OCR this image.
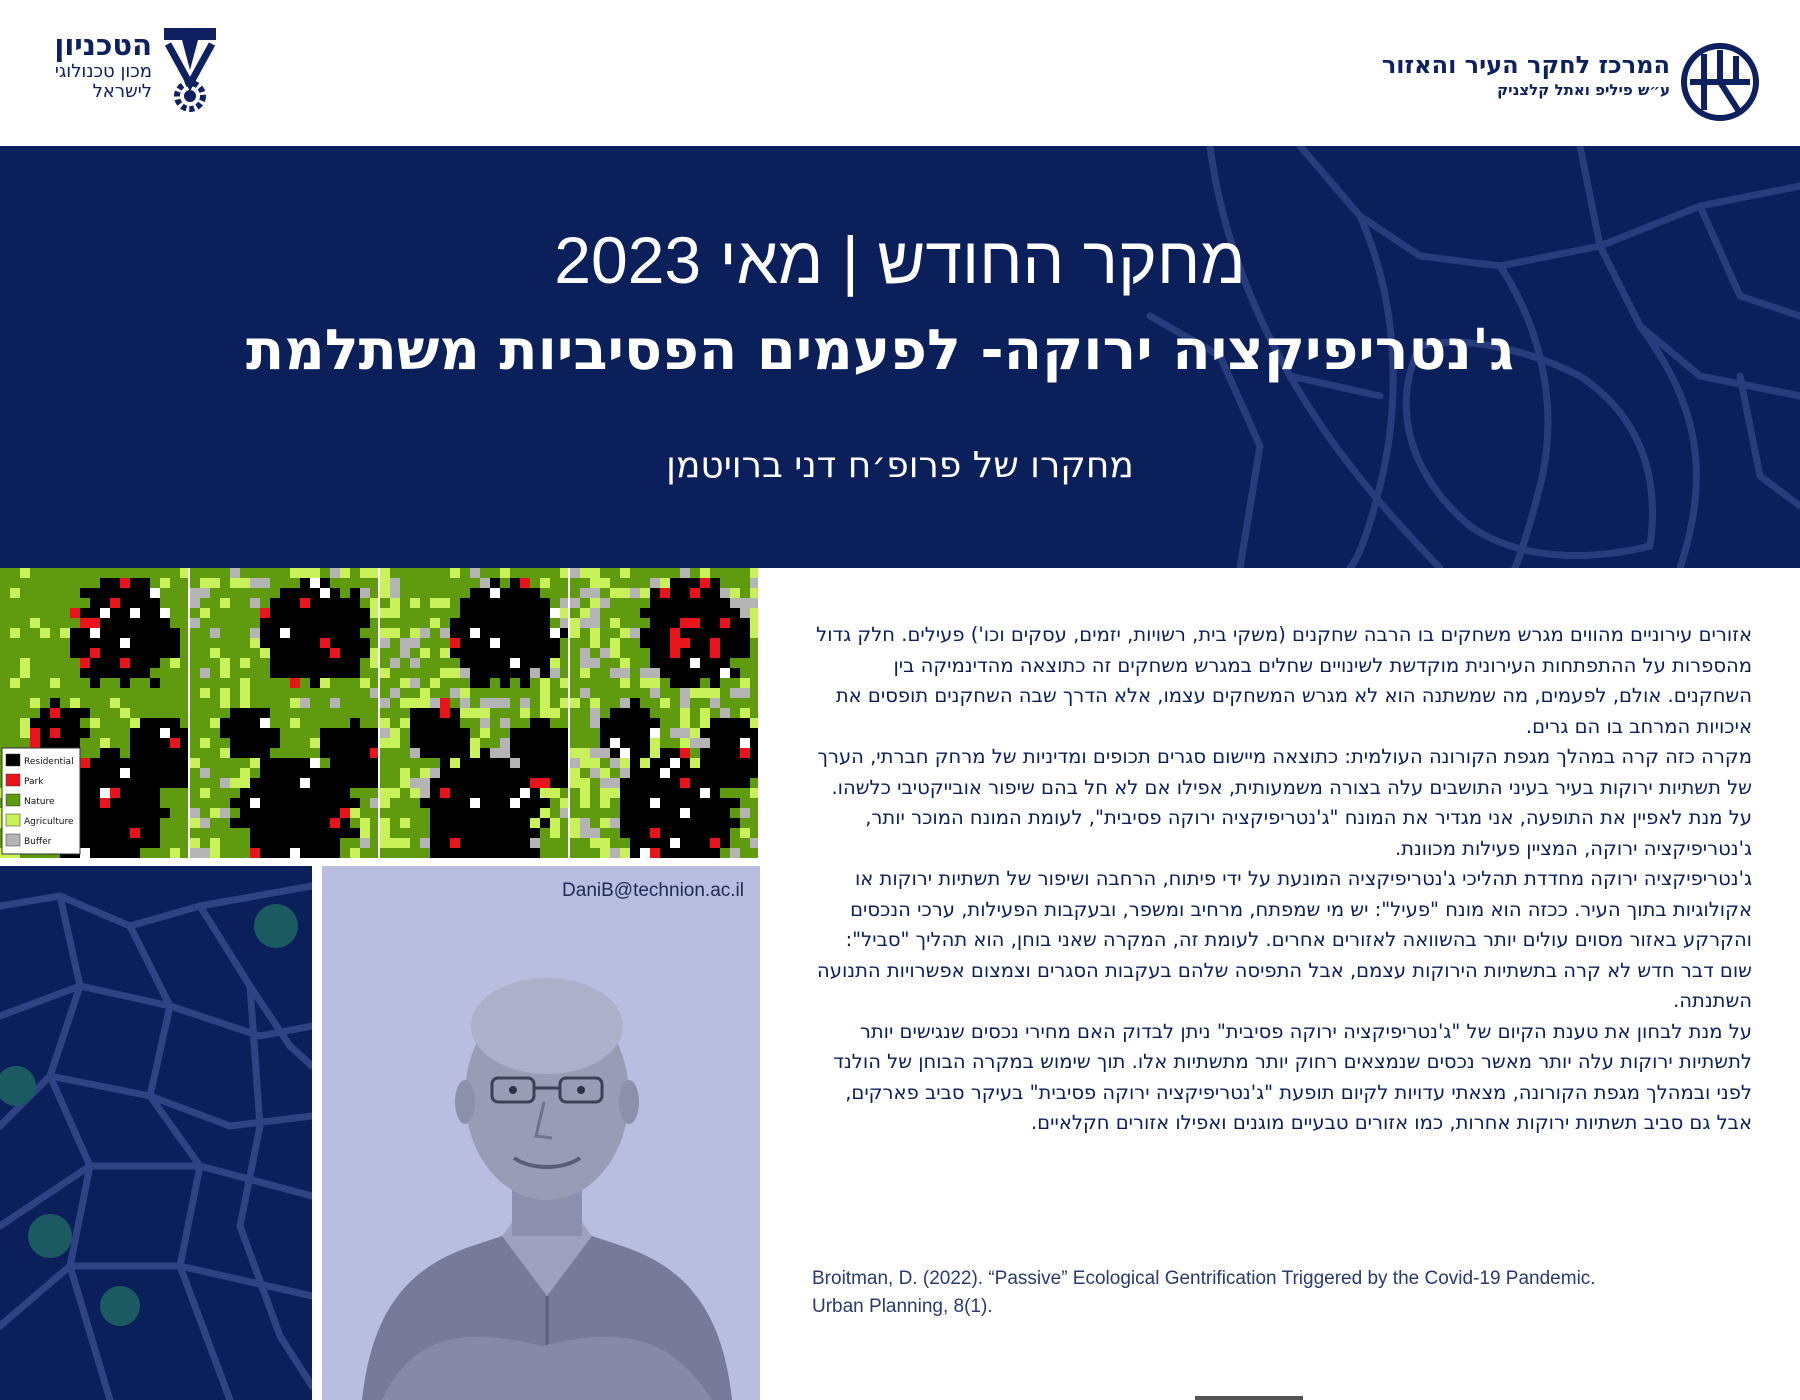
המרכז לחקר העיר והאזור
ע״ש פיליפ ואתל קלצניק
הטכניון
מכון טכנולוגי
לישראל
מחקר החודש | מאי 2023
ג'נטריפיקציה ירוקה- לפעמים הפסיביות משתלמת
מחקרו של פרופ׳ח דני ברויטמן
Residential
Park
Nature
Agriculture
Buffer
DaniB@technion.ac.il

אזורים עירוניים מהווים מגרש משחקים בו הרבה שחקנים (משקי בית, רשויות, יזמים, עסקים וכו') פעילים. חלק גדול מהספרות על ההתפתחות העירונית מוקדשת לשינויים שחלים במגרש משחקים זה כתוצאה מהדינמיקה בין השחקנים. אולם, לפעמים, מה שמשתנה הוא לא מגרש המשחקים עצמו, אלא הדרך שבה השחקנים תופסים את איכויות המרחב בו הם גרים.

מקרה כזה קרה במהלך מגפת הקורונה העולמית: כתוצאה מיישום סגרים תכופים ומדיניות של מרחק חברתי, הערך של תשתיות ירוקות בעיר בעיני התושבים עלה בצורה משמעותית, אפילו אם לא חל בהם שיפור אובייקטיבי כלשהו. על מנת לאפיין את התופעה, אני מגדיר את המונח "ג'נטריפיקציה ירוקה פסיבית", לעומת המונח המוכר יותר, ג'נטריפיקציה ירוקה, המציין פעילות מכוונת.

ג'נטריפיקציה ירוקה מחדדת תהליכי ג'נטריפיקציה המונעת על ידי פיתוח, הרחבה ושיפור של תשתיות ירוקות או אקולוגיות בתוך העיר. ככזה הוא מונח "פעיל": יש מי שמפתח, מרחיב ומשפר, ובעקבות הפעילות, ערכי הנכסים והקרקע באזור מסוים עולים יותר בהשוואה לאזורים אחרים. לעומת זה, המקרה שאני בוחן, הוא תהליך "סביל": שום דבר חדש לא קרה בתשתיות הירוקות עצמם, אבל התפיסה שלהם בעקבות הסגרים וצמצום אפשרויות התנועה השתנתה.

על מנת לבחון את טענת הקיום של "ג'נטריפיקציה ירוקה פסיבית" ניתן לבדוק האם מחירי נכסים שנגישים יותר לתשתיות ירוקות עלה יותר מאשר נכסים שנמצאים רחוק יותר מתשתיות אלו. תוך שימוש במקרה הבוחן של הולנד לפני ובמהלך מגפת הקורונה, מצאתי עדויות לקיום תופעת "ג'נטריפיקציה ירוקה פסיבית" בעיקר סביב פארקים, אבל גם סביב תשתיות ירוקות אחרות, כמו אזורים טבעיים מוגנים ואפילו אזורים חקלאיים.

Broitman, D. (2022). “Passive” Ecological Gentrification Triggered by the Covid-19 Pandemic.
Urban Planning, 8(1).
